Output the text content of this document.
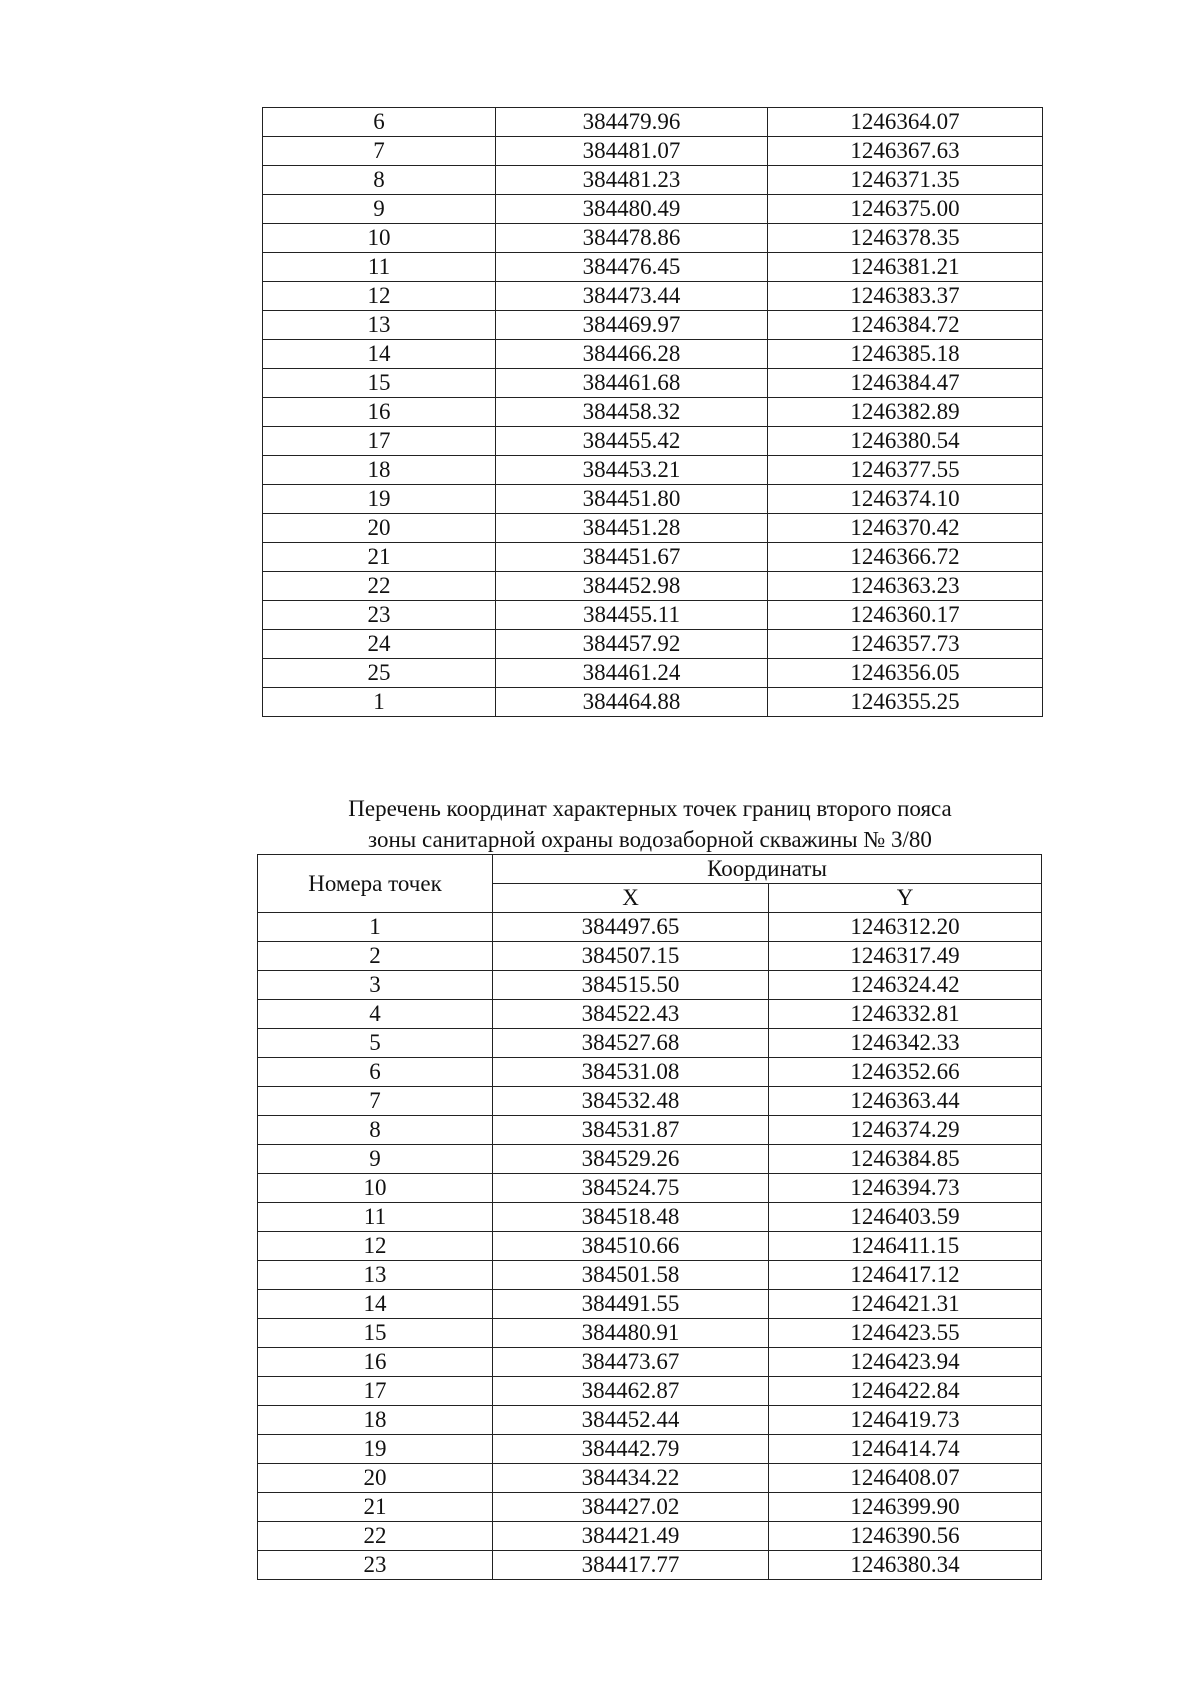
6	384479.96	1246364.07
7	384481.07	1246367.63
8	384481.23	1246371.35
9	384480.49	1246375.00
10	384478.86	1246378.35
11	384476.45	1246381.21
12	384473.44	1246383.37
13	384469.97	1246384.72
14	384466.28	1246385.18
15	384461.68	1246384.47
16	384458.32	1246382.89
17	384455.42	1246380.54
18	384453.21	1246377.55
19	384451.80	1246374.10
20	384451.28	1246370.42
21	384451.67	1246366.72
22	384452.98	1246363.23
23	384455.11	1246360.17
24	384457.92	1246357.73
25	384461.24	1246356.05
1	384464.88	1246355.25
Перечень координат характерных точек границ второго пояса
зоны санитарной охраны водозаборной скважины № 3/80
Номера точек	Координаты	
	X	Y
1	384497.65	1246312.20
2	384507.15	1246317.49
3	384515.50	1246324.42
4	384522.43	1246332.81
5	384527.68	1246342.33
6	384531.08	1246352.66
7	384532.48	1246363.44
8	384531.87	1246374.29
9	384529.26	1246384.85
10	384524.75	1246394.73
11	384518.48	1246403.59
12	384510.66	1246411.15
13	384501.58	1246417.12
14	384491.55	1246421.31
15	384480.91	1246423.55
16	384473.67	1246423.94
17	384462.87	1246422.84
18	384452.44	1246419.73
19	384442.79	1246414.74
20	384434.22	1246408.07
21	384427.02	1246399.90
22	384421.49	1246390.56
23	384417.77	1246380.34
